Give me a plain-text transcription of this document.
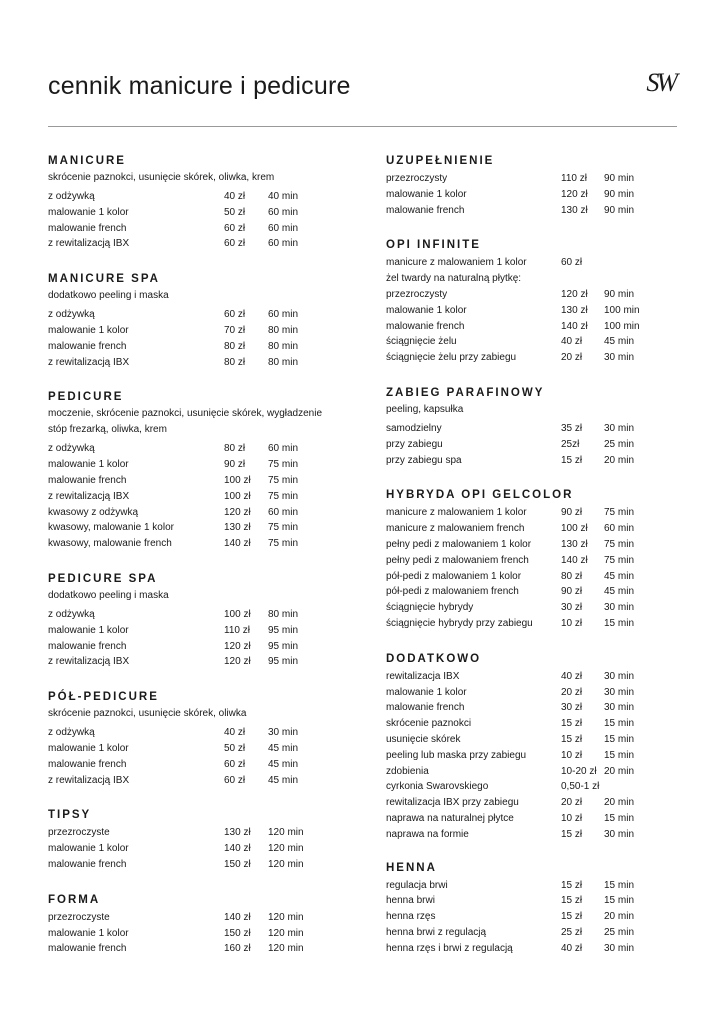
cennik manicure i pedicure	SW
MANICURE
skrócenie paznokci, usunięcie skórek, oliwka, krem
z odżywką	40 zł	40 min
malowanie 1 kolor	50 zł	60 min
malowanie french	60 zł	60 min
z rewitalizacją IBX	60 zł	60 min
MANICURE SPA
dodatkowo peeling i maska
z odżywką	60 zł	60 min
malowanie 1 kolor	70 zł	80 min
malowanie french	80 zł	80 min
z rewitalizacją IBX	80 zł	80 min
PEDICURE
moczenie, skrócenie paznokci, usunięcie skórek, wygładzenie stóp frezarką, oliwka, krem
z odżywką	80 zł	60 min
malowanie 1 kolor	90 zł	75 min
malowanie french	100 zł	75 min
z rewitalizacją IBX	100 zł	75 min
kwasowy z odżywką	120 zł	60 min
kwasowy, malowanie 1 kolor	130 zł	75 min
kwasowy, malowanie french	140 zł	75 min
PEDICURE SPA
dodatkowo peeling i maska
z odżywką	100 zł	80 min
malowanie 1 kolor	110 zł	95 min
malowanie french	120 zł	95 min
z rewitalizacją IBX	120 zł	95 min
PÓŁ-PEDICURE
skrócenie paznokci, usunięcie skórek, oliwka
z odżywką	40 zł	30 min
malowanie 1 kolor	50 zł	45 min
malowanie french	60 zł	45 min
z rewitalizacją IBX	60 zł	45 min
TIPSY
przezroczyste	130 zł	120 min
malowanie 1 kolor	140 zł	120 min
malowanie french	150 zł	120 min
FORMA
przezroczyste	140 zł	120 min
malowanie 1 kolor	150 zł	120 min
malowanie french	160 zł	120 min
UZUPEŁNIENIE
przezroczysty	110 zł	90 min
malowanie 1 kolor	120 zł	90 min
malowanie french	130 zł	90 min
OPI INFINITE
manicure z malowaniem 1 kolor	60 zł
żel twardy na naturalną płytkę:
przezroczysty	120 zł	90 min
malowanie 1 kolor	130 zł	100 min
malowanie french	140 zł	100 min
ściągnięcie żelu	40 zł	45 min
ściągnięcie żelu przy zabiegu	20 zł	30 min
ZABIEG PARAFINOWY
peeling, kapsułka
samodzielny	35 zł	30 min
przy zabiegu	25zł	25 min
przy zabiegu spa	15 zł	20 min
HYBRYDA OPI GELCOLOR
manicure z malowaniem 1 kolor	90 zł	75 min
manicure z malowaniem french	100 zł	60 min
pełny pedi z malowaniem 1 kolor	130 zł	75 min
pełny pedi z malowaniem french	140 zł	75 min
pół-pedi z malowaniem 1 kolor	80 zł	45 min
pół-pedi z malowaniem french	90 zł	45 min
ściągnięcie hybrydy	30 zł	30 min
ściągnięcie hybrydy przy zabiegu	10 zł	15 min
DODATKOWO
rewitalizacja IBX	40 zł	30 min
malowanie 1 kolor	20 zł	30 min
malowanie french	30 zł	30 min
skrócenie paznokci	15 zł	15 min
usunięcie skórek	15 zł	15 min
peeling lub maska przy zabiegu	10 zł	15 min
zdobienia	10-20 zł 20 min
cyrkonia Swarovskiego	0,50-1 zł
rewitalizacja IBX przy zabiegu	20 zł	20 min
naprawa na naturalnej płytce	10 zł	15 min
naprawa na formie	15 zł	30 min
HENNA
regulacja brwi	15 zł	15 min
henna brwi	15 zł	15 min
henna rzęs	15 zł	20 min
henna brwi z regulacją	25 zł	25 min
henna rzęs i brwi z regulacją	40 zł	30 min
